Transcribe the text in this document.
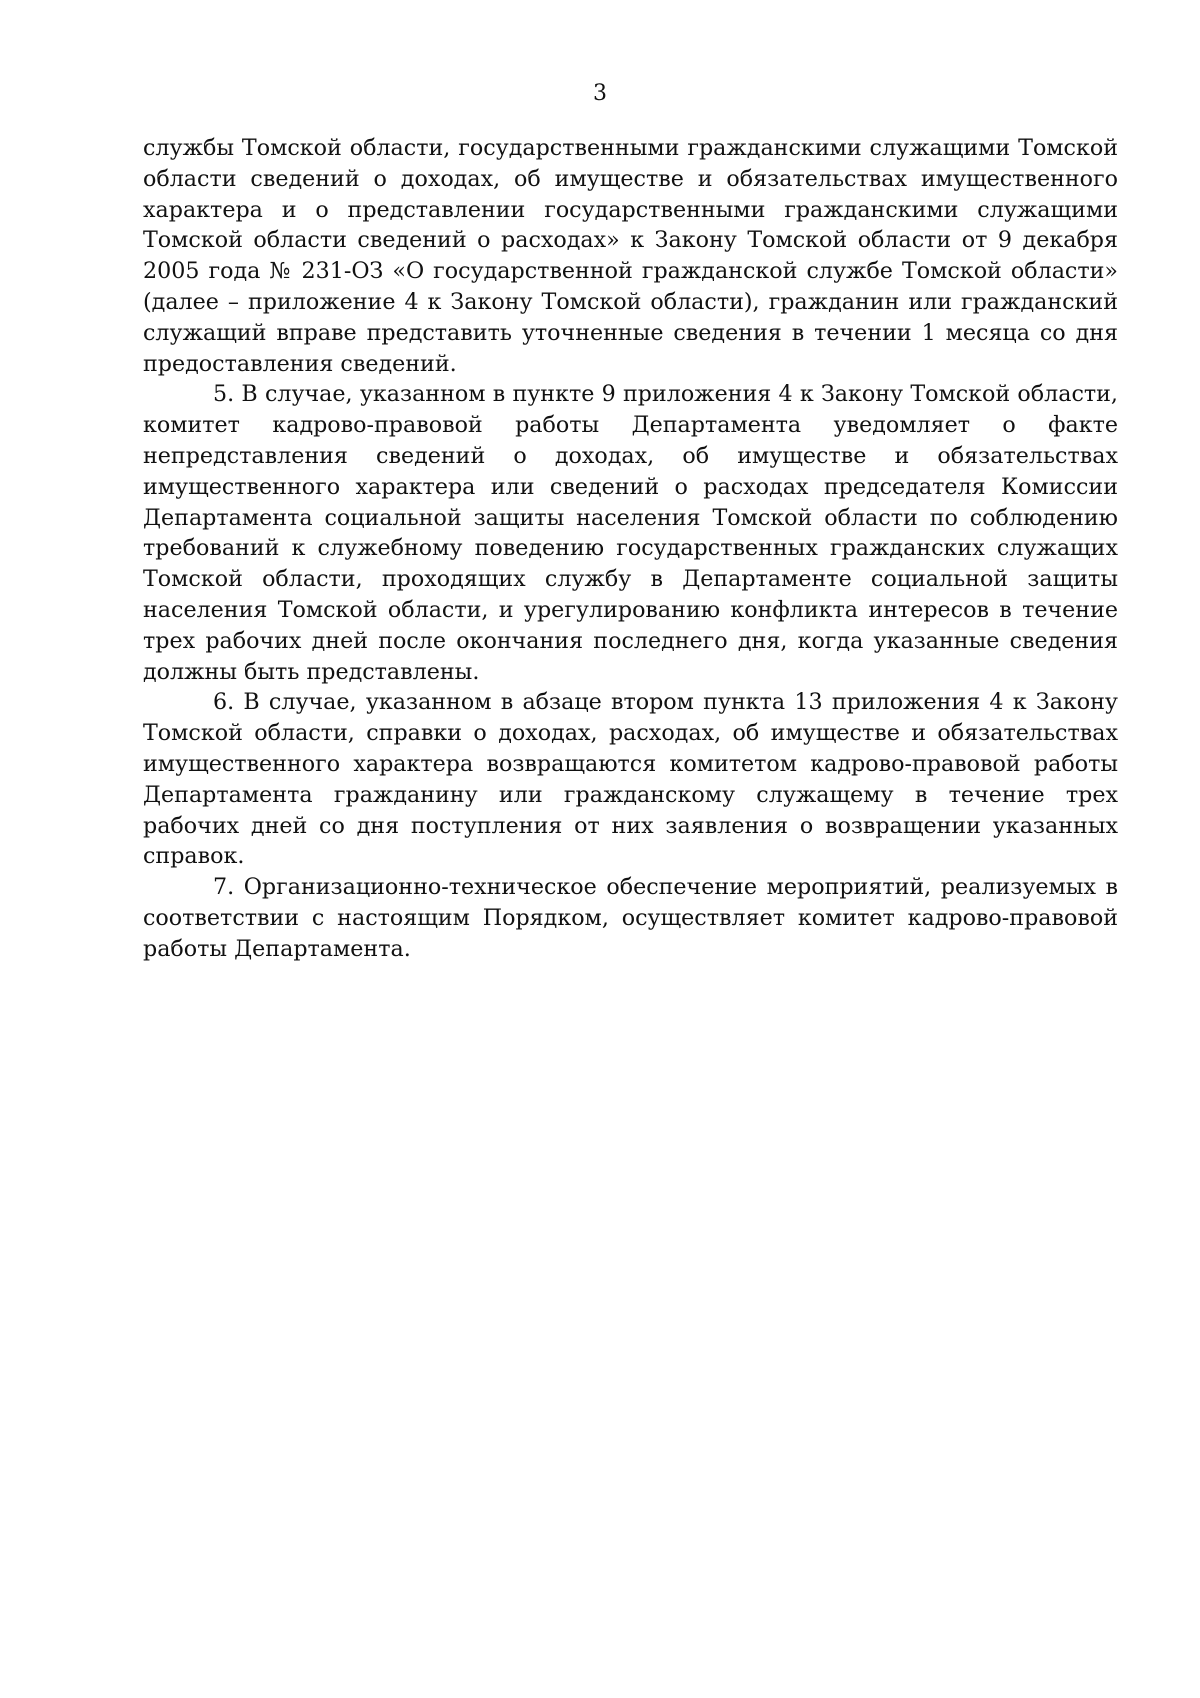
3

службы Томской области, государственными гражданскими служащими Томской области сведений о доходах, об имуществе и обязательствах имущественного характера и о представлении государственными гражданскими служащими Томской области сведений о расходах» к Закону Томской области от 9 декабря 2005 года № 231-ОЗ «О государственной гражданской службе Томской области» (далее – приложение 4 к Закону Томской области), гражданин или гражданский служащий вправе представить уточненные сведения в течении 1 месяца со дня предоставления сведений.

5. В случае, указанном в пункте 9 приложения 4 к Закону Томской области, комитет кадрово-правовой работы Департамента уведомляет о факте непредставления сведений о доходах, об имуществе и обязательствах имущественного характера или сведений о расходах председателя Комиссии Департамента социальной защиты населения Томской области по соблюдению требований к служебному поведению государственных гражданских служащих Томской области, проходящих службу в Департаменте социальной защиты населения Томской области, и урегулированию конфликта интересов в течение трех рабочих дней после окончания последнего дня, когда указанные сведения должны быть представлены.

6. В случае, указанном в абзаце втором пункта 13 приложения 4 к Закону Томской области, справки о доходах, расходах, об имуществе и обязательствах имущественного характера возвращаются комитетом кадрово-правовой работы Департамента гражданину или гражданскому служащему в течение трех рабочих дней со дня поступления от них заявления о возвращении указанных справок.

7. Организационно-техническое обеспечение мероприятий, реализуемых в соответствии с настоящим Порядком, осуществляет комитет кадрово-правовой работы Департамента.
